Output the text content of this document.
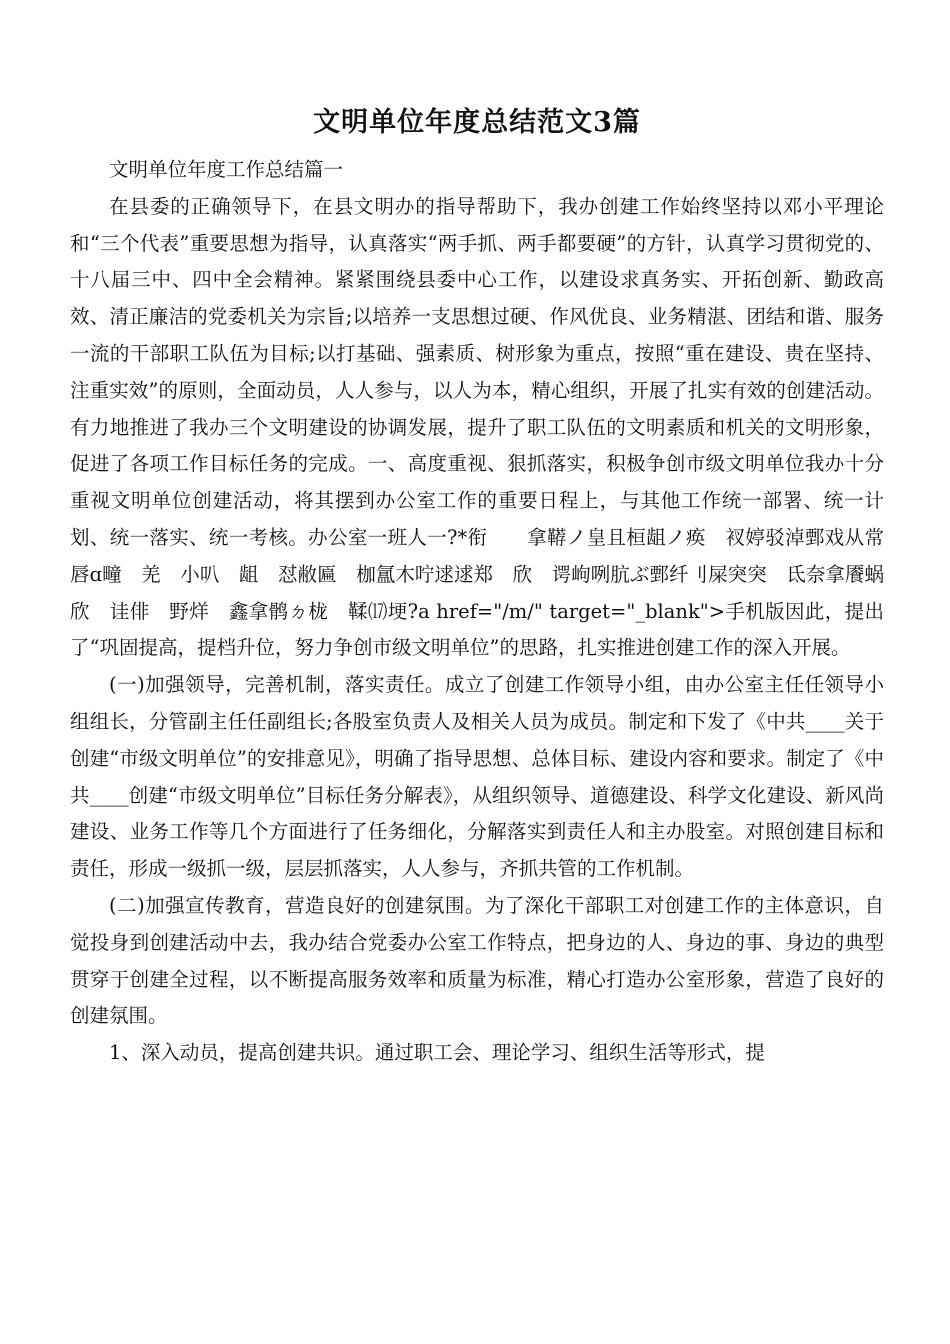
文明单位年度总结范文3篇

文明单位年度工作总结篇一

在县委的正确领导下，在县文明办的指导帮助下，我办创建工作始终坚持以邓小平理论和“三个代表”重要思想为指导，认真落实“两手抓、两手都要硬”的方针，认真学习贯彻党的、十八届三中、四中全会精神。紧紧围绕县委中心工作，以建设求真务实、开拓创新、勤政高效、清正廉洁的党委机关为宗旨;以培养一支思想过硬、作风优良、业务精湛、团结和谐、服务一流的干部职工队伍为目标;以打基础、强素质、树形象为重点，按照“重在建设、贵在坚持、注重实效”的原则，全面动员，人人参与，以人为本，精心组织，开展了扎实有效的创建活动。有力地推进了我办三个文明建设的协调发展，提升了职工队伍的文明素质和机关的文明形象，促进了各项工作目标任务的完成。一、高度重视、狠抓落实，积极争创市级文明单位我办十分重视文明单位创建活动，将其摆到办公室工作的重要日程上，与其他工作统一部署、统一计划、统一落实、统一考核。办公室一班人一?*衔　　拿鞯ノ皇且桓龃ノ痪　衩婷驳淖鄄戏从常　唇ɑ疃　羌　小叭　龃　怼敝匾　枷氲木咛逑逑郑　欣　谔岣咧肮ぶ鄄纤刂屎突突　氐奈拿餍蜗　欣　诖俳　野烊　鑫拿鹘ㄉ栊　鞣⒄埂?a href="/m/" target="_blank">手机版因此，提出了“巩固提高，提档升位，努力争创市级文明单位”的思路，扎实推进创建工作的深入开展。

(一)加强领导，完善机制，落实责任。成立了创建工作领导小组，由办公室主任任领导小组组长，分管副主任任副组长;各股室负责人及相关人员为成员。制定和下发了《中共____关于创建“市级文明单位”的安排意见》，明确了指导思想、总体目标、建设内容和要求。制定了《中共____创建“市级文明单位”目标任务分解表》，从组织领导、道德建设、科学文化建设、新风尚建设、业务工作等几个方面进行了任务细化，分解落实到责任人和主办股室。对照创建目标和责任，形成一级抓一级，层层抓落实，人人参与，齐抓共管的工作机制。

(二)加强宣传教育，营造良好的创建氛围。为了深化干部职工对创建工作的主体意识，自觉投身到创建活动中去，我办结合党委办公室工作特点，把身边的人、身边的事、身边的典型贯穿于创建全过程，以不断提高服务效率和质量为标准，精心打造办公室形象，营造了良好的创建氛围。

1、深入动员，提高创建共识。通过职工会、理论学习、组织生活等形式，提
